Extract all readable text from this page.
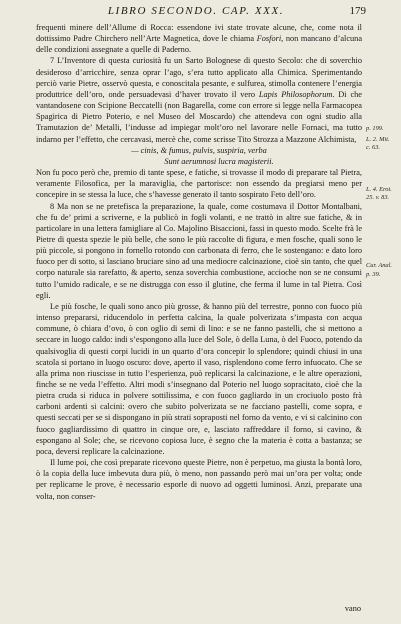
LIBRO SECONDO. CAP. XXX.	179

frequenti minere dell’Allume di Rocca: essendone ivi state trovate alcune, che, come nota il dottissimo Padre Chirchero nell’Arte Magnetica, dove le chiama Fosfori, non mancano d’alcuna delle condizioni assegnate a quelle di Paderno.

7 L’Inventore di questa curiosità fu un Sarto Bolognese di questo Secolo: che di soverchio desideroso d’arricchire, senza oprar l’ago, s’era tutto applicato alla Chimica. Sperimentando perciò varie Pietre, osservò questa, e conoscitala pesante, e sulfurea, stimolla contenere l’energia produttrice dell’oro, onde persuadevasi d’haver trovato il vero Lapis Philosophorum. Di che vantandosene con Scipione Beccatelli (non Bagarella, come con errore si legge nella Farmacopea Spagirica di Pietro Poterio, e nel Museo del Moscardo) che attendeva con ogni studio alla Tramutazion de’ Metalli, l’indusse ad impiegar molt’oro nel lavorare nelle Fornaci, ma tutto indarno per l’effetto, che cercavasi, mercè che, come scrisse Tito Strozza a Mazzone Alchimista,

— cinis, & fumus, pulvis, suspiria, verba

Sunt aerumnosi lucra magisterii.

Non fu poco però che, premio di tante spese, e fatiche, si trovasse il modo di preparare tal Pietra, veramente Filosofica, per la maraviglia, che partorisce: non essendo da pregiarsi meno per concepire in se stessa la luce, che s’havesse generato il tanto sospirato Feto dell’oro.

8 Ma non se ne pretefisca la preparazione, la quale, come costumava il Dottor Montalbani, che fu de’ primi a scriverne, e la publicò in fogli volanti, e ne trattò in altre sue fatiche, & in particolare in una lettera famigliare al Co. Majolino Bisaccioni, fassi in questo modo. Scelte frà le Pietre di questa spezie le più belle, che sono le più raccolte di figura, e men fosche, quali sono le più piccole, si pongono in fornello rotondo con carbonata di ferro, che le sostengano: e dato loro fuoco per di sotto, si lasciano bruciare sino ad una mediocre calcinazione, cioè sin tanto, che quel corpo naturale sia rarefatto, & aperto, senza soverchia combustione, accioche non se ne consumi tutto l’umido radicale, e se ne distrugga con esso il glutine, che ferma il lume in tal Pietra. Così egli.

Le più fosche, le quali sono anco più grosse, & hanno più del terrestre, ponno con fuoco più intenso prepararsi, riducendolo in perfetta calcina, la quale polverizata s’impasta con acqua commune, ò chiara d’ovo, ò con oglio di semi di lino: e se ne fanno pastelli, che si mettono a seccare in luogo caldo: indi s’espongono alla luce del Sole, ò della Luna, ò del Fuoco, potendo da qualsivoglia di questi corpi lucidi in un quarto d’ora concepir lo splendore; quindi chiusi in una scatola si portano in luogo oscuro: dove, aperto il vaso, risplendono come ferro infuocato. Che se alla prima non riuscisse in tutto l’esperienza, può replicarsi la calcinazione, e le altre operazioni, finche se ne veda l’effetto. Altri modi s’insegnano dal Poterio nel luogo sopracitato, cioè che la pietra cruda si riduca in polvere sottilissima, e con fuoco gagliardo in un crociuolo posto frà carboni ardenti si calcini: overo che subito polverizata se ne facciano pastelli, come sopra, e questi seccati per se si dispongano in più strati sopraposti nel forno da vento, e vi si calcinino con fuoco gagliardissimo di quattro in cinque ore, e, lasciato raffreddare il forno, si cavino, & espongano al Sole; che, se ricevono copiosa luce, è segno che la materia è cotta a bastanza; se poca, deversi replicare la calcinazione.

Il lume poi, che così preparate ricevono queste Pietre, non è perpetuo, ma giusta la bontà loro, ò la copia della luce imbevuta dura più, ò meno, non passando però mai un’ora per volta; onde per replicarne le prove, è necessario esporle di nuovo ad oggetti luminosi. Anzi, preparate una volta, non conser-

p. 199.
L. 2. Mit.
c. 63.
L. 4. Erot.
25. v. 83.
Cur. Anal.
p. 39.
vano
